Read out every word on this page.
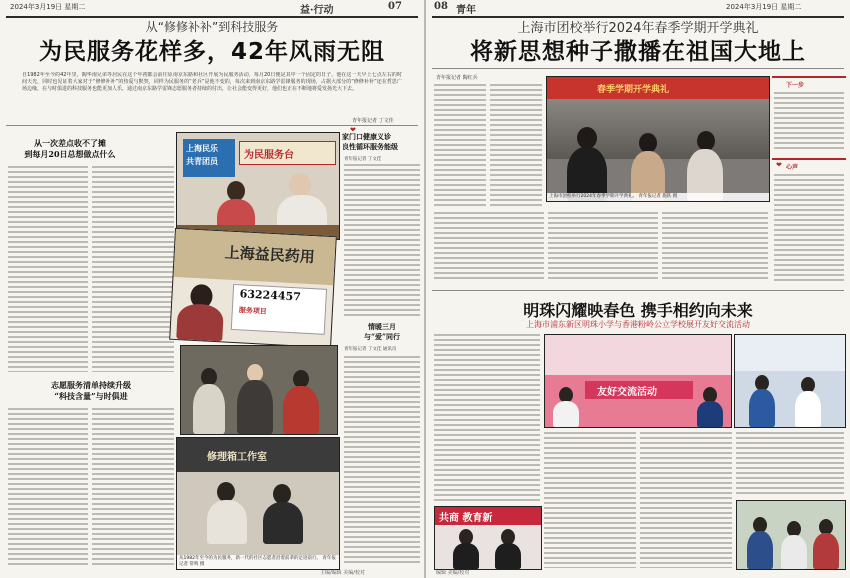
2024年3月19日 星期二	益·行动	07
从“修修补补”到科技服务
为民服务花样多，42年风雨无阻
自1982年至今的42年里，陶华南兄弟等居民在这个年初都会前往原南京东路和社区开展为民服务活动，每月20日便是其中一个固定的日子。他在这一天早上七点左右的时间天光，同时也见证着大家对于“修修补补”的热爱与默契，同样为民服务的“老兵”是他不变的，每次来到南京东路学雷锋服务的现场，占据大部分的“修修补补”还在哲思广场边缘，在与时俱进的科技服务也能更加人乐，通过南京东路学雷锋志愿服务者持续的付出，让社会能变得更好，他们也正在不断地将爱发扬光大下去。
青年报记者 丁文佳
从一次差点收不了摊
到每月20日总想做点什么
志愿服务清单持续升级
“科技含量”与时俱进
上海民乐
共青团员	为民服务台
上海益民药用
63224457
服务项目
修理箱工作室
从1982年至今的为民服务，新一代的社区志愿者沿着前辈的足迹前行。 青年报记者 常鸣 摄
❤
家门口健康义诊
良性循环服务能级
青年报记者 丁文佳
情暖三月
与“爱”同行
青年报记者 丁文佳 通讯员
主编/编辑 美编/校对
08 青年	2024年3月19日 星期二
上海市团校举行2024年春季学期开学典礼
将新思想种子撒播在祖国大地上
青年报记者 陶红兵
春季学期开学典礼
上海市团校举行2024年春季学期开学典礼。 青年报记者 施轶 摄
下一步
❤ 心声
明珠闪耀映春色 携手相约向未来
上海市浦东新区明珠小学与香港粉岭公立学校展开友好交流活动
友好交流活动
共商 教育新
编辑 美编/校对
